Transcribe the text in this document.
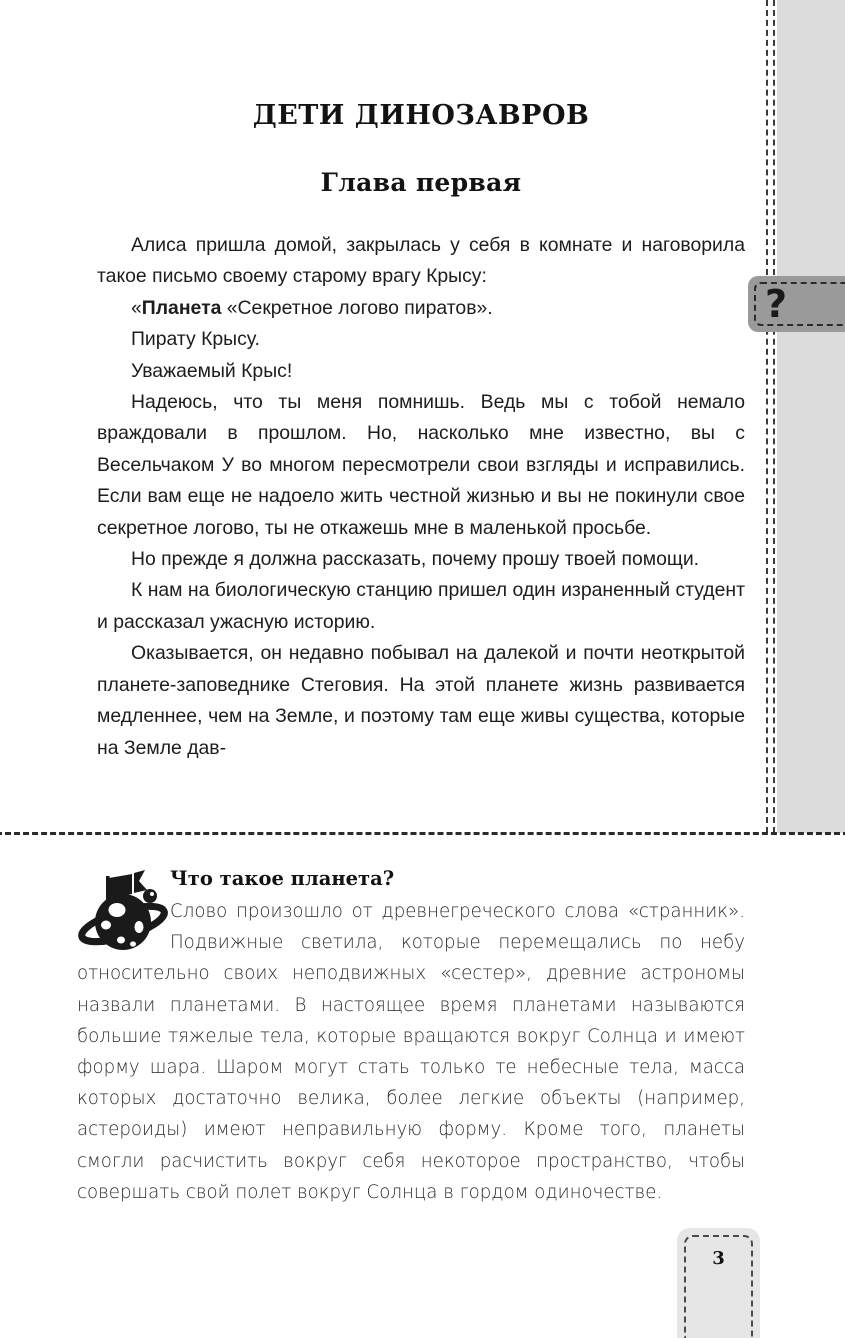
?
ДЕТИ ДИНОЗАВРОВ
Глава первая

Алиса пришла домой, закрылась у себя в комнате и наговорила такое письмо своему старому врагу Крысу:

«Планета «Секретное логово пиратов».

Пирату Крысу.

Уважаемый Крыс!

Надеюсь, что ты меня помнишь. Ведь мы с тобой немало враждовали в прошлом. Но, насколько мне известно, вы с Весельчаком У во многом пересмотрели свои взгляды и исправились. Если вам еще не надоело жить честной жизнью и вы не покинули свое секретное логово, ты не откажешь мне в маленькой просьбе.

Но прежде я должна рассказать, почему прошу твоей помощи.

К нам на биологическую станцию пришел один израненный студент и рассказал ужасную историю.

Оказывается, он недавно побывал на далекой и почти неоткрытой планете-заповеднике Стеговия. На этой планете жизнь развивается медленнее, чем на Земле, и поэтому там еще живы существа, которые на Земле дав-

Что такое планета?

Слово произошло от древнегреческого слова «странник». Подвижные светила, которые перемещались по небу относительно своих неподвижных «сестер», древние астрономы назвали планетами. В настоящее время планетами называются большие тяжелые тела, которые вращаются вокруг Солнца и имеют форму шара. Шаром могут стать только те небесные тела, масса которых достаточно велика, более легкие объекты (например, астероиды) имеют неправильную форму. Кроме того, планеты смогли расчистить вокруг себя некоторое пространство, чтобы совершать свой полет вокруг Солнца в гордом одиночестве.

3
